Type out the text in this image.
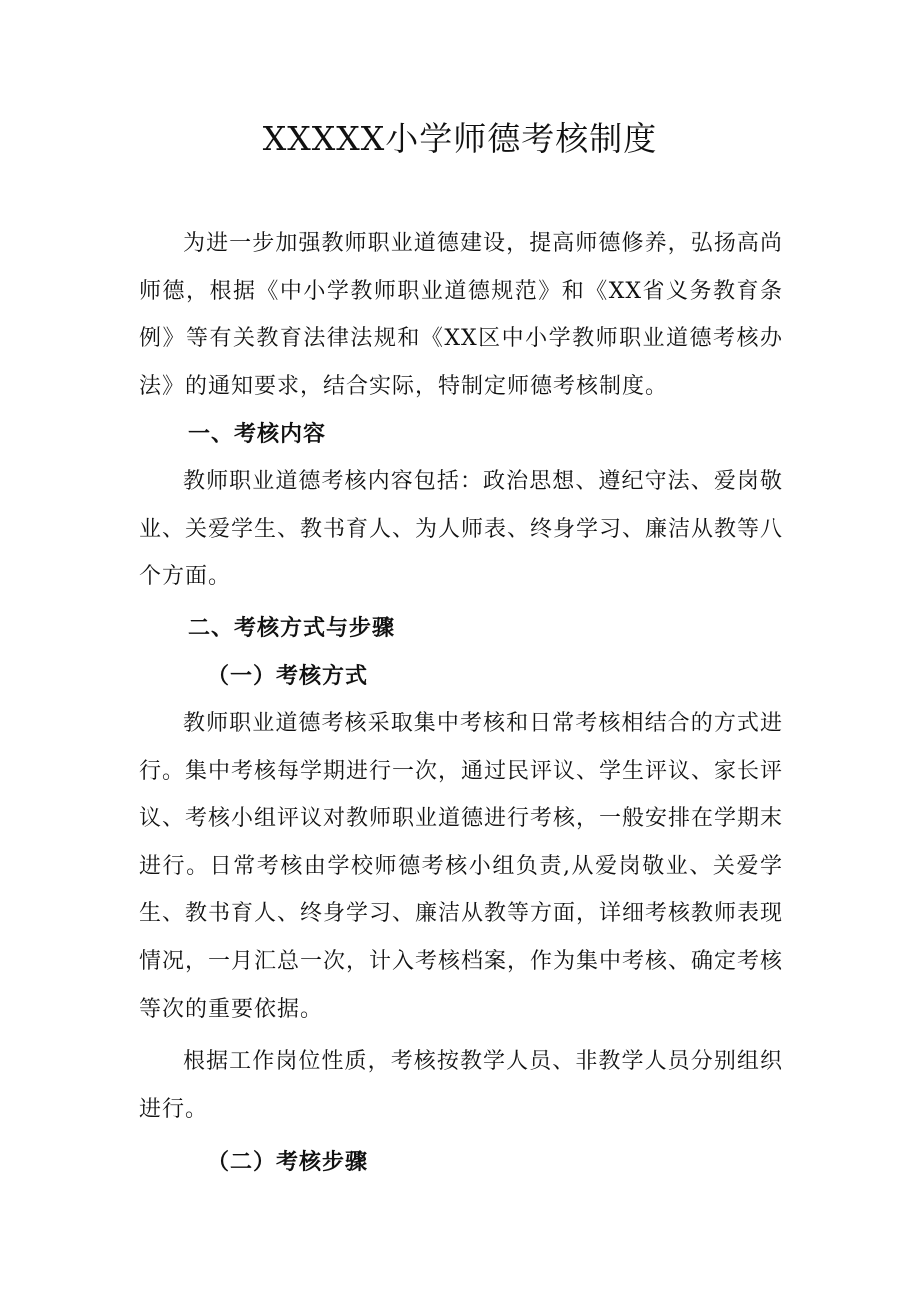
XXXXX小学师德考核制度
为进一步加强教师职业道德建设，提高师德修养，弘扬高尚师德，根据《中小学教师职业道德规范》和《XX省义务教育条例》等有关教育法律法规和《XX区中小学教师职业道德考核办法》的通知要求，结合实际，特制定师德考核制度。
一、考核内容
教师职业道德考核内容包括：政治思想、遵纪守法、爱岗敬业、关爱学生、教书育人、为人师表、终身学习、廉洁从教等八个方面。
二、考核方式与步骤
（一）考核方式
教师职业道德考核采取集中考核和日常考核相结合的方式进行。集中考核每学期进行一次，通过民评议、学生评议、家长评议、考核小组评议对教师职业道德进行考核，一般安排在学期末进行。日常考核由学校师德考核小组负责,从爱岗敬业、关爱学生、教书育人、终身学习、廉洁从教等方面，详细考核教师表现情况，一月汇总一次，计入考核档案，作为集中考核、确定考核等次的重要依据。
根据工作岗位性质，考核按教学人员、非教学人员分别组织进行。
（二）考核步骤
